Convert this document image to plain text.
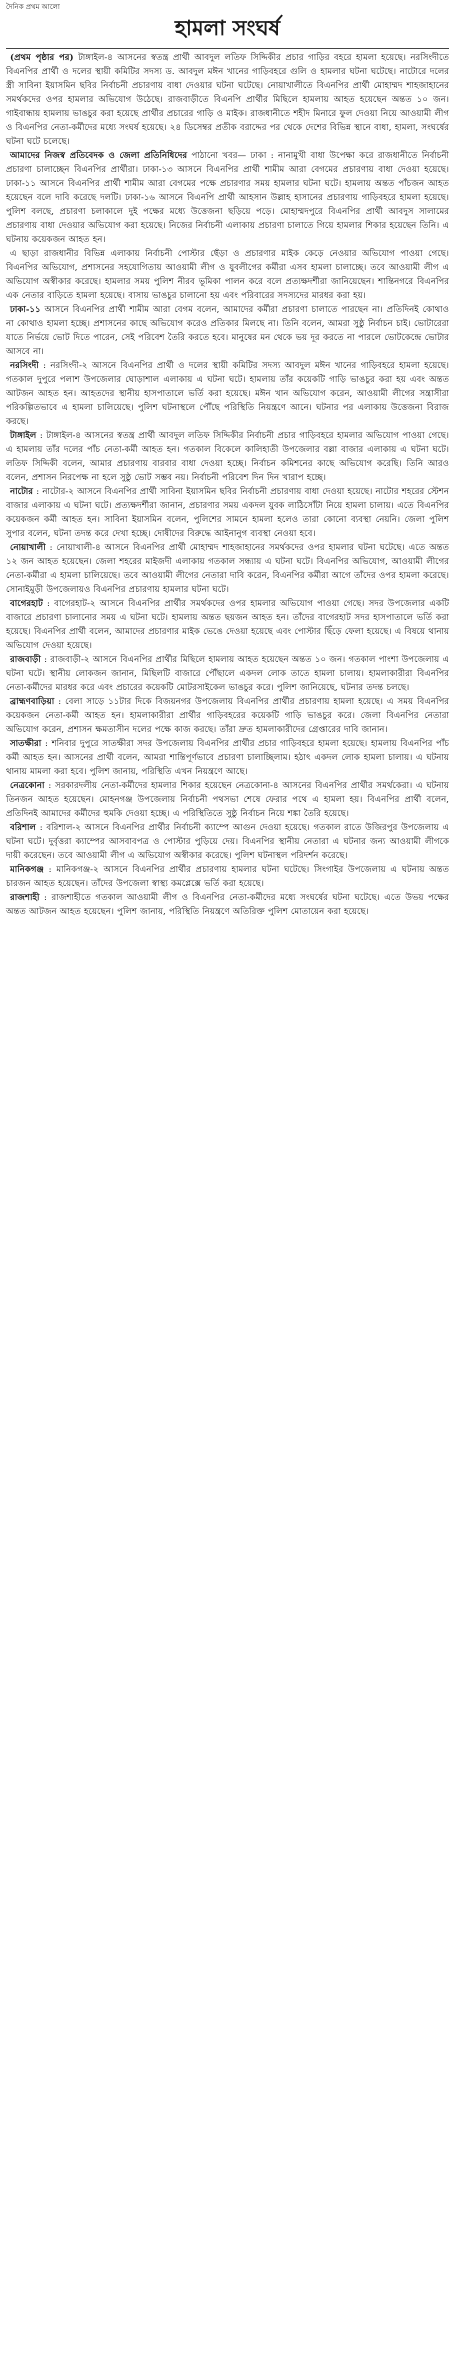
দৈনিক প্রথম আলো
হামলা সংঘর্ষ

(প্রথম পৃষ্ঠার পর) টাঙ্গাইল-৪ আসনের স্বতন্ত্র প্রার্থী আবদুল লতিফ সিদ্দিকীর প্রচার গাড়ির বহরে হামলা হয়েছে। নরসিংদীতে বিএনপির প্রার্থী ও দলের স্থায়ী কমিটির সদস্য ড. আবদুল মঈন খানের গাড়িবহরে গুলি ও হামলার ঘটনা ঘটেছে। নাটোরে দলের স্ত্রী সাবিনা ইয়াসমিন ছবির নির্বাচনী প্রচারণায় বাধা দেওয়ার ঘটনা ঘটেছে। নোয়াখালীতে বিএনপির প্রার্থী মোহাম্মদ শাহজাহানের সমর্থকদের ওপর হামলার অভিযোগ উঠেছে। রাজবাড়ীতে বিএনপি প্রার্থীর মিছিলে হামলায় আহত হয়েছেন অন্তত ১০ জন। গাইবান্ধায় হামলায় ভাঙচুর করা হয়েছে প্রার্থীর প্রচারের গাড়ি ও মাইক। রাজধানীতে শহীদ মিনারে ফুল দেওয়া নিয়ে আওয়ামী লীগ ও বিএনপির নেতা-কর্মীদের মধ্যে সংঘর্ষ হয়েছে। ২৪ ডিসেম্বর প্রতীক বরাদ্দের পর থেকে দেশের বিভিন্ন স্থানে বাধা, হামলা, সংঘর্ষের ঘটনা ঘটে চলেছে।

আমাদের নিজস্ব প্রতিবেদক ও জেলা প্রতিনিধিদের পাঠানো খবর— ঢাকা : নানামুখী বাধা উপেক্ষা করে রাজধানীতে নির্বাচনী প্রচারণা চালাচ্ছেন বিএনপির প্রার্থীরা। ঢাকা-১৩ আসনে বিএনপির প্রার্থী শামীম আরা বেগমের প্রচারণায় বাধা দেওয়া হয়েছে। ঢাকা-১১ আসনে বিএনপির প্রার্থী শামীম আরা বেগমের পক্ষে প্রচারণার সময় হামলার ঘটনা ঘটে। হামলায় অন্তত পাঁচজন আহত হয়েছেন বলে দাবি করেছে দলটি। ঢাকা-১৬ আসনে বিএনপি প্রার্থী আহসান উল্লাহ হাসানের প্রচারণায় গাড়িবহরে হামলা হয়েছে। পুলিশ বলছে, প্রচারণা চলাকালে দুই পক্ষের মধ্যে উত্তেজনা ছড়িয়ে পড়ে। মোহাম্মদপুরে বিএনপির প্রার্থী আবদুস সালামের প্রচারণায় বাধা দেওয়ার অভিযোগ করা হয়েছে। নিজের নির্বাচনী এলাকায় প্রচারণা চালাতে গিয়ে হামলার শিকার হয়েছেন তিনি। এ ঘটনায় কয়েকজন আহত হন।

এ ছাড়া রাজধানীর বিভিন্ন এলাকায় নির্বাচনী পোস্টার ছেঁড়া ও প্রচারণার মাইক কেড়ে নেওয়ার অভিযোগ পাওয়া গেছে। বিএনপির অভিযোগ, প্রশাসনের সহযোগিতায় আওয়ামী লীগ ও যুবলীগের কর্মীরা এসব হামলা চালাচ্ছে। তবে আওয়ামী লীগ এ অভিযোগ অস্বীকার করেছে। হামলার সময় পুলিশ নীরব ভূমিকা পালন করে বলে প্রত্যক্ষদর্শীরা জানিয়েছেন। শান্তিনগরে বিএনপির এক নেতার বাড়িতে হামলা হয়েছে। বাসায় ভাঙচুর চালানো হয় এবং পরিবারের সদস্যদের মারধর করা হয়।

ঢাকা-১১ আসনে বিএনপির প্রার্থী শামীম আরা বেগম বলেন, আমাদের কর্মীরা প্রচারণা চালাতে পারছেন না। প্রতিদিনই কোথাও না কোথাও হামলা হচ্ছে। প্রশাসনের কাছে অভিযোগ করেও প্রতিকার মিলছে না। তিনি বলেন, আমরা সুষ্ঠু নির্বাচন চাই। ভোটারেরা যাতে নির্ভয়ে ভোট দিতে পারেন, সেই পরিবেশ তৈরি করতে হবে। মানুষের মন থেকে ভয় দূর করতে না পারলে ভোটকেন্দ্রে ভোটার আসবে না।

নরসিংদী : নরসিংদী-২ আসনে বিএনপির প্রার্থী ও দলের স্থায়ী কমিটির সদস্য আবদুল মঈন খানের গাড়িবহরে হামলা হয়েছে। গতকাল দুপুরে পলাশ উপজেলার ঘোড়াশাল এলাকায় এ ঘটনা ঘটে। হামলায় তাঁর কয়েকটি গাড়ি ভাঙচুর করা হয় এবং অন্তত আটজন আহত হন। আহতদের স্থানীয় হাসপাতালে ভর্তি করা হয়েছে। মঈন খান অভিযোগ করেন, আওয়ামী লীগের সন্ত্রাসীরা পরিকল্পিতভাবে এ হামলা চালিয়েছে। পুলিশ ঘটনাস্থলে পৌঁছে পরিস্থিতি নিয়ন্ত্রণে আনে। ঘটনার পর এলাকায় উত্তেজনা বিরাজ করছে।

টাঙ্গাইল : টাঙ্গাইল-৪ আসনের স্বতন্ত্র প্রার্থী আবদুল লতিফ সিদ্দিকীর নির্বাচনী প্রচার গাড়িবহরে হামলার অভিযোগ পাওয়া গেছে। এ হামলায় তাঁর দলের পাঁচ নেতা-কর্মী আহত হন। গতকাল বিকেলে কালিহাতী উপজেলার বল্লা বাজার এলাকায় এ ঘটনা ঘটে। লতিফ সিদ্দিকী বলেন, আমার প্রচারণায় বারবার বাধা দেওয়া হচ্ছে। নির্বাচন কমিশনের কাছে অভিযোগ করেছি। তিনি আরও বলেন, প্রশাসন নিরপেক্ষ না হলে সুষ্ঠু ভোট সম্ভব নয়। নির্বাচনী পরিবেশ দিন দিন খারাপ হচ্ছে।

নাটোর : নাটোর-২ আসনে বিএনপির প্রার্থী সাবিনা ইয়াসমিন ছবির নির্বাচনী প্রচারণায় বাধা দেওয়া হয়েছে। নাটোর শহরের স্টেশন বাজার এলাকায় এ ঘটনা ঘটে। প্রত্যক্ষদর্শীরা জানান, প্রচারণার সময় একদল যুবক লাঠিসোঁটা নিয়ে হামলা চালায়। এতে বিএনপির কয়েকজন কর্মী আহত হন। সাবিনা ইয়াসমিন বলেন, পুলিশের সামনে হামলা হলেও তারা কোনো ব্যবস্থা নেয়নি। জেলা পুলিশ সুপার বলেন, ঘটনা তদন্ত করে দেখা হচ্ছে। দোষীদের বিরুদ্ধে আইনানুগ ব্যবস্থা নেওয়া হবে।

নোয়াখালী : নোয়াখালী-৪ আসনে বিএনপির প্রার্থী মোহাম্মদ শাহজাহানের সমর্থকদের ওপর হামলার ঘটনা ঘটেছে। এতে অন্তত ১২ জন আহত হয়েছেন। জেলা শহরের মাইজদী এলাকায় গতকাল সন্ধ্যায় এ ঘটনা ঘটে। বিএনপির অভিযোগ, আওয়ামী লীগের নেতা-কর্মীরা এ হামলা চালিয়েছে। তবে আওয়ামী লীগের নেতারা দাবি করেন, বিএনপির কর্মীরা আগে তাঁদের ওপর হামলা করেছে। সোনাইমুড়ী উপজেলায়ও বিএনপির প্রচারণায় হামলার ঘটনা ঘটে।

বাগেরহাট : বাগেরহাট-২ আসনে বিএনপির প্রার্থীর সমর্থকদের ওপর হামলার অভিযোগ পাওয়া গেছে। সদর উপজেলার একটি বাজারে প্রচারণা চালানোর সময় এ ঘটনা ঘটে। হামলায় অন্তত ছয়জন আহত হন। তাঁদের বাগেরহাট সদর হাসপাতালে ভর্তি করা হয়েছে। বিএনপির প্রার্থী বলেন, আমাদের প্রচারণার মাইক ভেঙে দেওয়া হয়েছে এবং পোস্টার ছিঁড়ে ফেলা হয়েছে। এ বিষয়ে থানায় অভিযোগ দেওয়া হয়েছে।

রাজবাড়ী : রাজবাড়ী-২ আসনে বিএনপির প্রার্থীর মিছিলে হামলায় আহত হয়েছেন অন্তত ১০ জন। গতকাল পাংশা উপজেলায় এ ঘটনা ঘটে। স্থানীয় লোকজন জানান, মিছিলটি বাজারে পৌঁছালে একদল লোক তাতে হামলা চালায়। হামলাকারীরা বিএনপির নেতা-কর্মীদের মারধর করে এবং প্রচারের কয়েকটি মোটরসাইকেল ভাঙচুর করে। পুলিশ জানিয়েছে, ঘটনার তদন্ত চলছে।

ব্রাহ্মণবাড়িয়া : বেলা সাড়ে ১১টার দিকে বিজয়নগর উপজেলায় বিএনপির প্রার্থীর প্রচারণায় হামলা হয়েছে। এ সময় বিএনপির কয়েকজন নেতা-কর্মী আহত হন। হামলাকারীরা প্রার্থীর গাড়িবহরের কয়েকটি গাড়ি ভাঙচুর করে। জেলা বিএনপির নেতারা অভিযোগ করেন, প্রশাসন ক্ষমতাসীন দলের পক্ষে কাজ করছে। তাঁরা দ্রুত হামলাকারীদের গ্রেপ্তারের দাবি জানান।

সাতক্ষীরা : শনিবার দুপুরে সাতক্ষীরা সদর উপজেলায় বিএনপির প্রার্থীর প্রচার গাড়িবহরে হামলা হয়েছে। হামলায় বিএনপির পাঁচ কর্মী আহত হন। আসনের প্রার্থী বলেন, আমরা শান্তিপূর্ণভাবে প্রচারণা চালাচ্ছিলাম। হঠাৎ একদল লোক হামলা চালায়। এ ঘটনায় থানায় মামলা করা হবে। পুলিশ জানায়, পরিস্থিতি এখন নিয়ন্ত্রণে আছে।

নেত্রকোনা : সরকারদলীয় নেতা-কর্মীদের হামলার শিকার হয়েছেন নেত্রকোনা-৪ আসনের বিএনপির প্রার্থীর সমর্থকেরা। এ ঘটনায় তিনজন আহত হয়েছেন। মোহনগঞ্জ উপজেলায় নির্বাচনী পথসভা শেষে ফেরার পথে এ হামলা হয়। বিএনপির প্রার্থী বলেন, প্রতিদিনই আমাদের কর্মীদের হুমকি দেওয়া হচ্ছে। এ পরিস্থিতিতে সুষ্ঠু নির্বাচন নিয়ে শঙ্কা তৈরি হয়েছে।

বরিশাল : বরিশাল-২ আসনে বিএনপির প্রার্থীর নির্বাচনী ক্যাম্পে আগুন দেওয়া হয়েছে। গতকাল রাতে উজিরপুর উপজেলায় এ ঘটনা ঘটে। দুর্বৃত্তরা ক্যাম্পের আসবাবপত্র ও পোস্টার পুড়িয়ে দেয়। বিএনপির স্থানীয় নেতারা এ ঘটনার জন্য আওয়ামী লীগকে দায়ী করেছেন। তবে আওয়ামী লীগ এ অভিযোগ অস্বীকার করেছে। পুলিশ ঘটনাস্থল পরিদর্শন করেছে।

মানিকগঞ্জ : মানিকগঞ্জ-২ আসনে বিএনপির প্রার্থীর প্রচারণায় হামলার ঘটনা ঘটেছে। সিংগাইর উপজেলায় এ ঘটনায় অন্তত চারজন আহত হয়েছেন। তাঁদের উপজেলা স্বাস্থ্য কমপ্লেক্সে ভর্তি করা হয়েছে।

রাজশাহী : রাজশাহীতে গতকাল আওয়ামী লীগ ও বিএনপির নেতা-কর্মীদের মধ্যে সংঘর্ষের ঘটনা ঘটেছে। এতে উভয় পক্ষের অন্তত আটজন আহত হয়েছেন। পুলিশ জানায়, পরিস্থিতি নিয়ন্ত্রণে অতিরিক্ত পুলিশ মোতায়েন করা হয়েছে।
